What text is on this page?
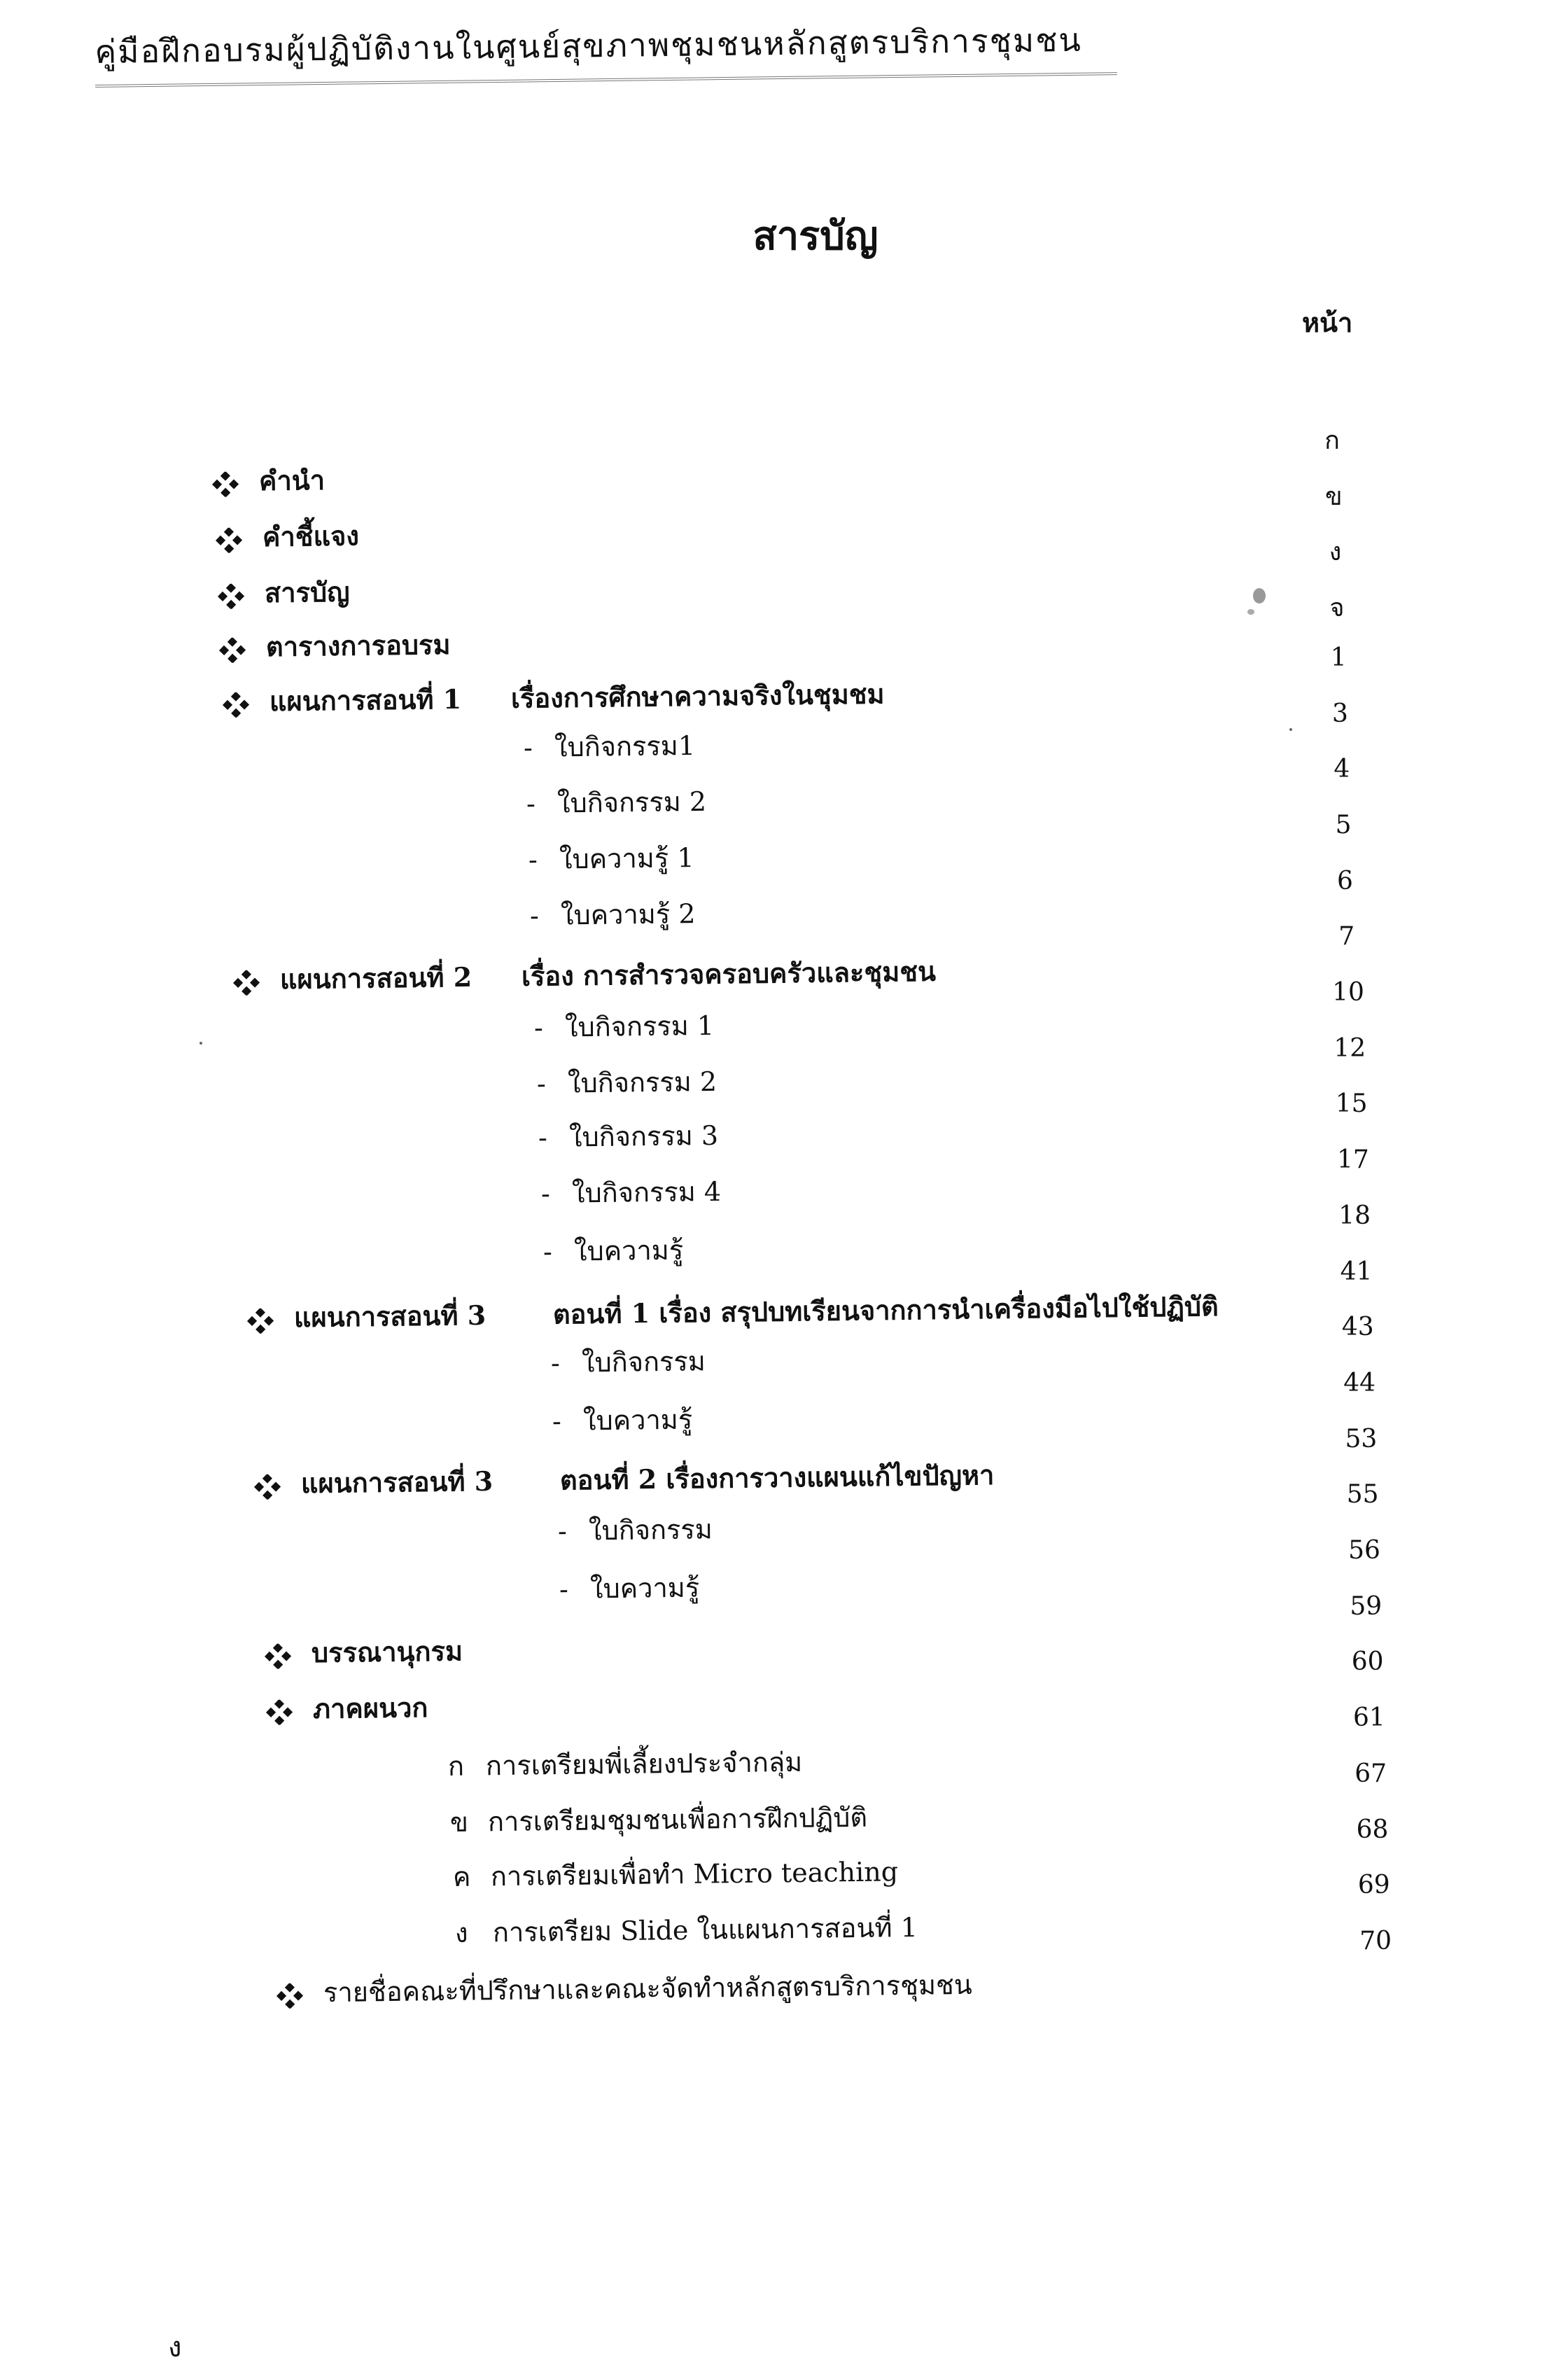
คู่มือฝึกอบรมผู้ปฏิบัติงานในศูนย์สุขภาพชุมชนหลักสูตรบริการชุมชน
สารบัญ
หน้า
คำนำ
คำชี้แจง
สารบัญ
ตารางการอบรม
แผนการสอนที่ 1 เรื่องการศึกษาความจริงในชุมชม
- ใบกิจกรรม1
- ใบกิจกรรม 2
- ใบความรู้ 1
- ใบความรู้ 2
แผนการสอนที่ 2 เรื่อง การสำรวจครอบครัวและชุมชน
- ใบกิจกรรม 1
- ใบกิจกรรม 2
- ใบกิจกรรม 3
- ใบกิจกรรม 4
- ใบความรู้
แผนการสอนที่ 3	ตอนที่ 1 เรื่อง สรุปบทเรียนจากการนำเครื่องมือไปใช้ปฏิบัติ
- ใบกิจกรรม
- ใบความรู้
แผนการสอนที่ 3	ตอนที่ 2 เรื่องการวางแผนแก้ไขปัญหา
- ใบกิจกรรม
- ใบความรู้
บรรณานุกรม
ภาคผนวก
ก การเตรียมพี่เลี้ยงประจำกลุ่ม
ข การเตรียมชุมชนเพื่อการฝึกปฏิบัติ
ค การเตรียมเพื่อทำ Micro teaching
ง การเตรียม Slide ในแผนการสอนที่ 1
รายชื่อคณะที่ปรึกษาและคณะจัดทำหลักสูตรบริการชุมชน
ก
ข
ง
จ
1
3
4
5
6
7
10
12
15
17
18
41
43
44
53
55
56
59
60
61
67
68
69
70
ง
